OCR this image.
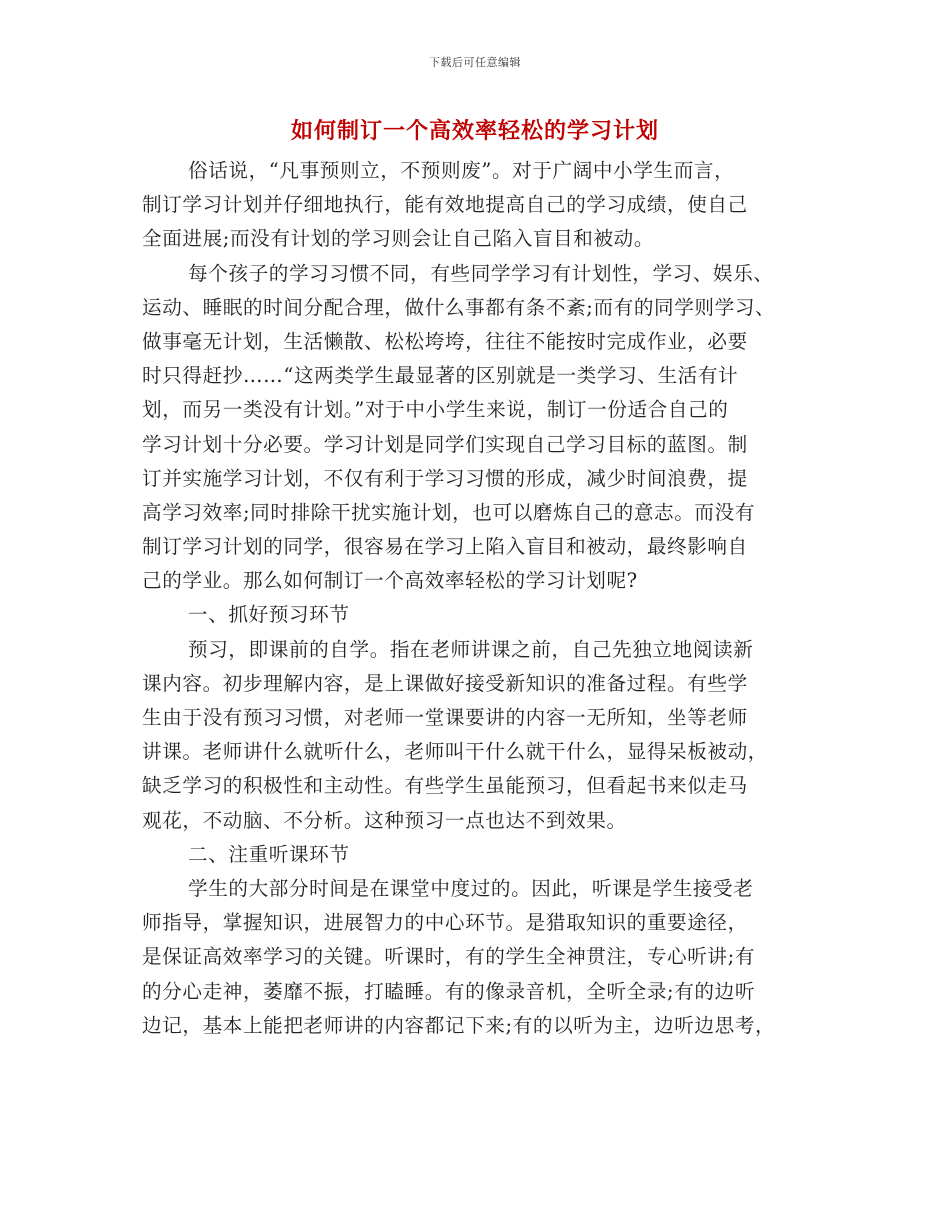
下载后可任意编辑
如何制订一个高效率轻松的学习计划
俗话说，“凡事预则立，不预则废”。对于广阔中小学生而言，
制订学习计划并仔细地执行，能有效地提高自己的学习成绩，使自己
全面进展;而没有计划的学习则会让自己陷入盲目和被动。
每个孩子的学习习惯不同，有些同学学习有计划性，学习、娱乐、
运动、睡眠的时间分配合理，做什么事都有条不紊;而有的同学则学习、
做事毫无计划，生活懒散、松松垮垮，往往不能按时完成作业，必要
时只得赶抄……“这两类学生最显著的区别就是一类学习、生活有计
划，而另一类没有计划。”对于中小学生来说，制订一份适合自己的
学习计划十分必要。学习计划是同学们实现自己学习目标的蓝图。制
订并实施学习计划，不仅有利于学习习惯的形成，减少时间浪费，提
高学习效率;同时排除干扰实施计划，也可以磨炼自己的意志。而没有
制订学习计划的同学，很容易在学习上陷入盲目和被动，最终影响自
己的学业。那么如何制订一个高效率轻松的学习计划呢?
一、抓好预习环节
预习，即课前的自学。指在老师讲课之前，自己先独立地阅读新
课内容。初步理解内容，是上课做好接受新知识的准备过程。有些学
生由于没有预习习惯，对老师一堂课要讲的内容一无所知，坐等老师
讲课。老师讲什么就听什么，老师叫干什么就干什么，显得呆板被动，
缺乏学习的积极性和主动性。有些学生虽能预习，但看起书来似走马
观花，不动脑、不分析。这种预习一点也达不到效果。
二、注重听课环节
学生的大部分时间是在课堂中度过的。因此，听课是学生接受老
师指导，掌握知识，进展智力的中心环节。是猎取知识的重要途径，
是保证高效率学习的关键。听课时，有的学生全神贯注，专心听讲;有
的分心走神，萎靡不振，打瞌睡。有的像录音机，全听全录;有的边听
边记，基本上能把老师讲的内容都记下来;有的以听为主，边听边思考，
